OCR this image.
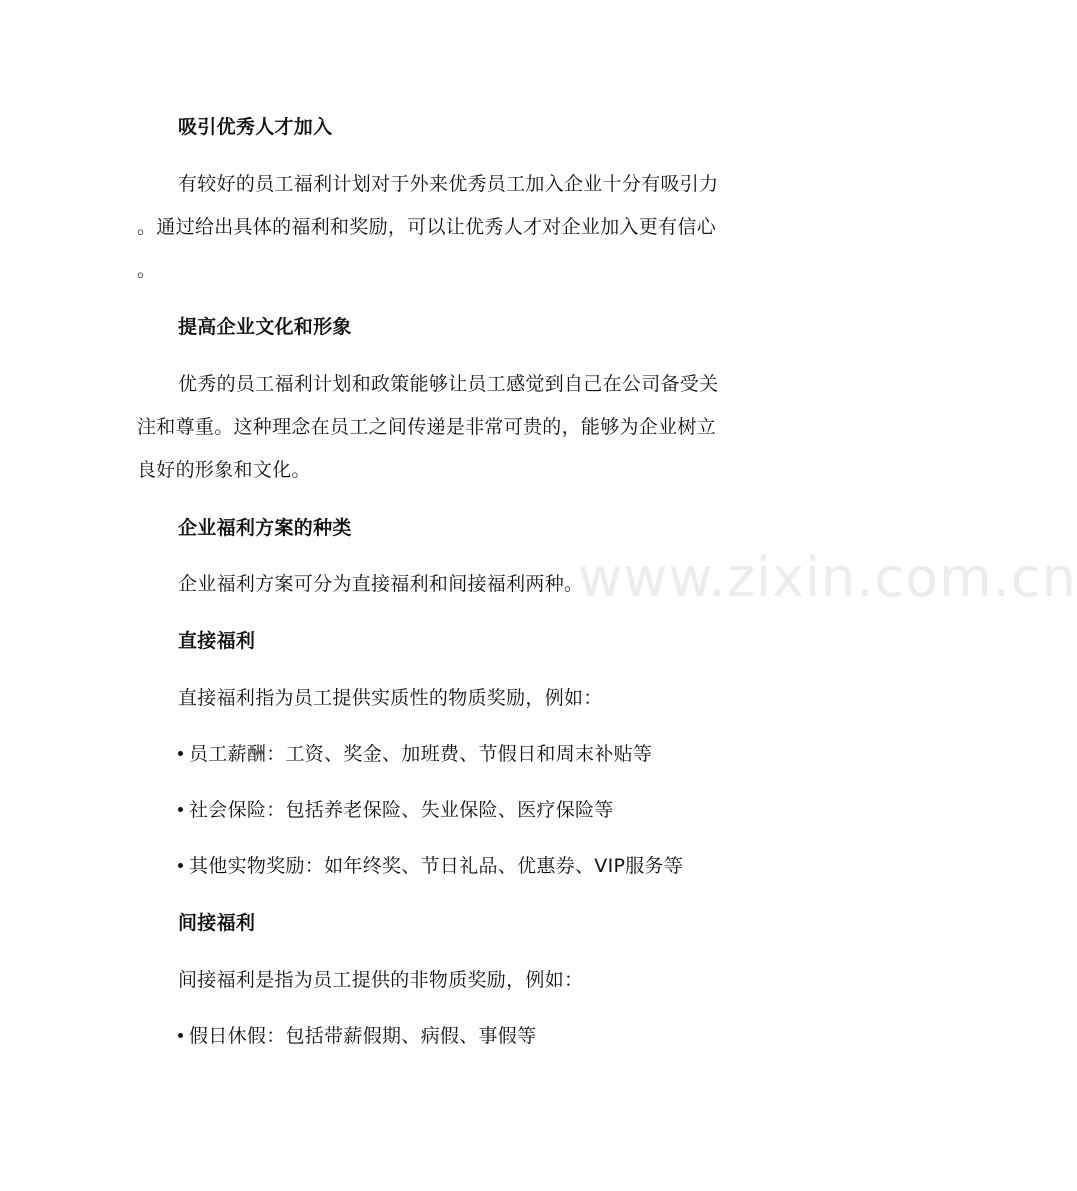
www.zixin.com.cn
吸引优秀人才加入
有较好的员工福利计划对于外来优秀员工加入企业十分有吸引力
。通过给出具体的福利和奖励，可以让优秀人才对企业加入更有信心
。
提高企业文化和形象
优秀的员工福利计划和政策能够让员工感觉到自己在公司备受关
注和尊重。这种理念在员工之间传递是非常可贵的，能够为企业树立
良好的形象和文化。
企业福利方案的种类
企业福利方案可分为直接福利和间接福利两种。
直接福利
直接福利指为员工提供实质性的物质奖励，例如：
员工薪酬：工资、奖金、加班费、节假日和周末补贴等
社会保险：包括养老保险、失业保险、医疗保险等
其他实物奖励：如年终奖、节日礼品、优惠券、VIP服务等
间接福利
间接福利是指为员工提供的非物质奖励，例如：
假日休假：包括带薪假期、病假、事假等
